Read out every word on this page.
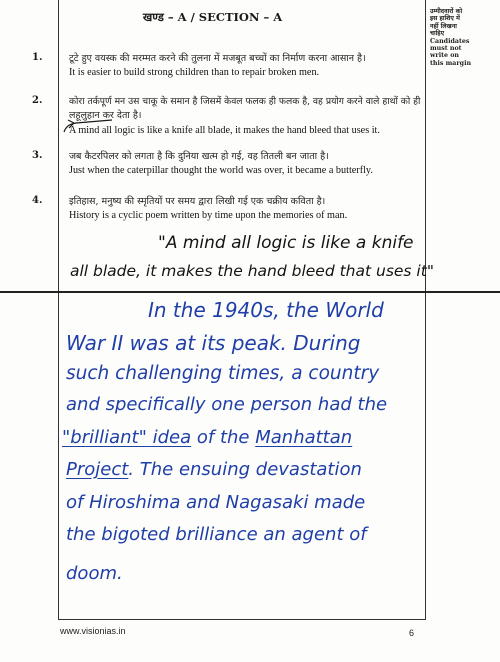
खण्ड – A / SECTION – A	उम्मीदवारों को
इस हाशिए में
नहीं लिखना
चाहिए
Candidates
must not
write on
this margin
1.	टूटे हुए वयस्क की मरम्मत करने की तुलना में मजबूत बच्चों का निर्माण करना आसान है।
It is easier to build strong children than to repair broken men.
2.	कोरा तर्कपूर्ण मन उस चाकू के समान है जिसमें केवल फलक ही फलक है, वह प्रयोग करने वाले हाथों को ही
लहूलुहान कर देता है।
A mind all logic is like a knife all blade, it makes the hand bleed that uses it.
3.	जब कैटरपिलर को लगता है कि दुनिया खत्म हो गई, वह तितली बन जाता है।
Just when the caterpillar thought the world was over, it became a butterfly.
4.	इतिहास, मनुष्य की स्मृतियों पर समय द्वारा लिखी गई एक चक्रीय कविता है।
History is a cyclic poem written by time upon the memories of man.
"A mind all logic is like a knife
all blade, it makes the hand bleed that uses it"
In the 1940s, the World
War II was at its peak. During
such challenging times, a country
and specifically one person had the
"brilliant" idea of the Manhattan
Project. The ensuing devastation
of Hiroshima and Nagasaki made
the bigoted brilliance an agent of
doom.
www.visionias.in	6
